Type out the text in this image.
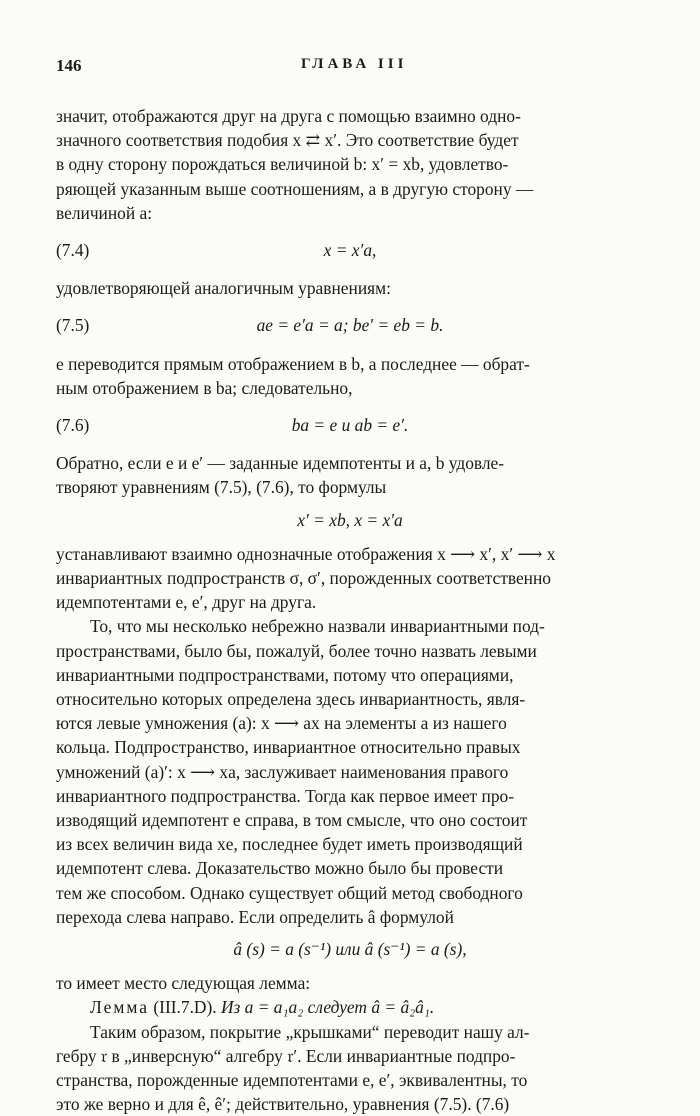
146	ГЛАВА III

значит, отображаются друг на друга с помощью взаимно одно-

значного соответствия подобия x ⇄ x′. Это соответствие будет

в одну сторону порождаться величиной b: x′ = xb, удовлетво-

ряющей указанным выше соотношениям, а в другую сторону —

величиной a:

(7.4)	x = x′a,

удовлетворяющей аналогичным уравнениям:

(7.5)	ae = e′a = a; be′ = eb = b.

e переводится прямым отображением в b, а последнее — обрат-

ным отображением в ba; следовательно,

(7.6)	ba = e и ab = e′.

Обратно, если e и e′ — заданные идемпотенты и a, b удовле-

творяют уравнениям (7.5), (7.6), то формулы

x′ = xb, x = x′a

устанавливают взаимно однозначные отображения x ⟶ x′, x′ ⟶ x

инвариантных подпространств σ, σ′, порожденных соответственно

идемпотентами e, e′, друг на друга.

То, что мы несколько небрежно назвали инвариантными под-

пространствами, было бы, пожалуй, более точно назвать левыми

инвариантными подпространствами, потому что операциями,

относительно которых определена здесь инвариантность, явля-

ются левые умножения (a): x ⟶ ax на элементы a из нашего

кольца. Подпространство, инвариантное относительно правых

умножений (a)′: x ⟶ xa, заслуживает наименования правого

инвариантного подпространства. Тогда как первое имеет про-

изводящий идемпотент e справа, в том смысле, что оно состоит

из всех величин вида xe, последнее будет иметь производящий

идемпотент слева. Доказательство можно было бы провести

тем же способом. Однако существует общий метод свободного

перехода слева направо. Если определить â формулой

â (s) = a (s⁻¹) или â (s⁻¹) = a (s),

то имеет место следующая лемма:

Лемма (III.7.D). Из a = a₁a₂ следует â = â₂â₁.

Таким образом, покрытие „крышками“ переводит нашу ал-

гебру 𝔯 в „инверсную“ алгебру 𝔯′. Если инвариантные подпро-

странства, порожденные идемпотентами e, e′, эквивалентны, то

это же верно и для ê, ê′; действительно, уравнения (7.5). (7.6)
